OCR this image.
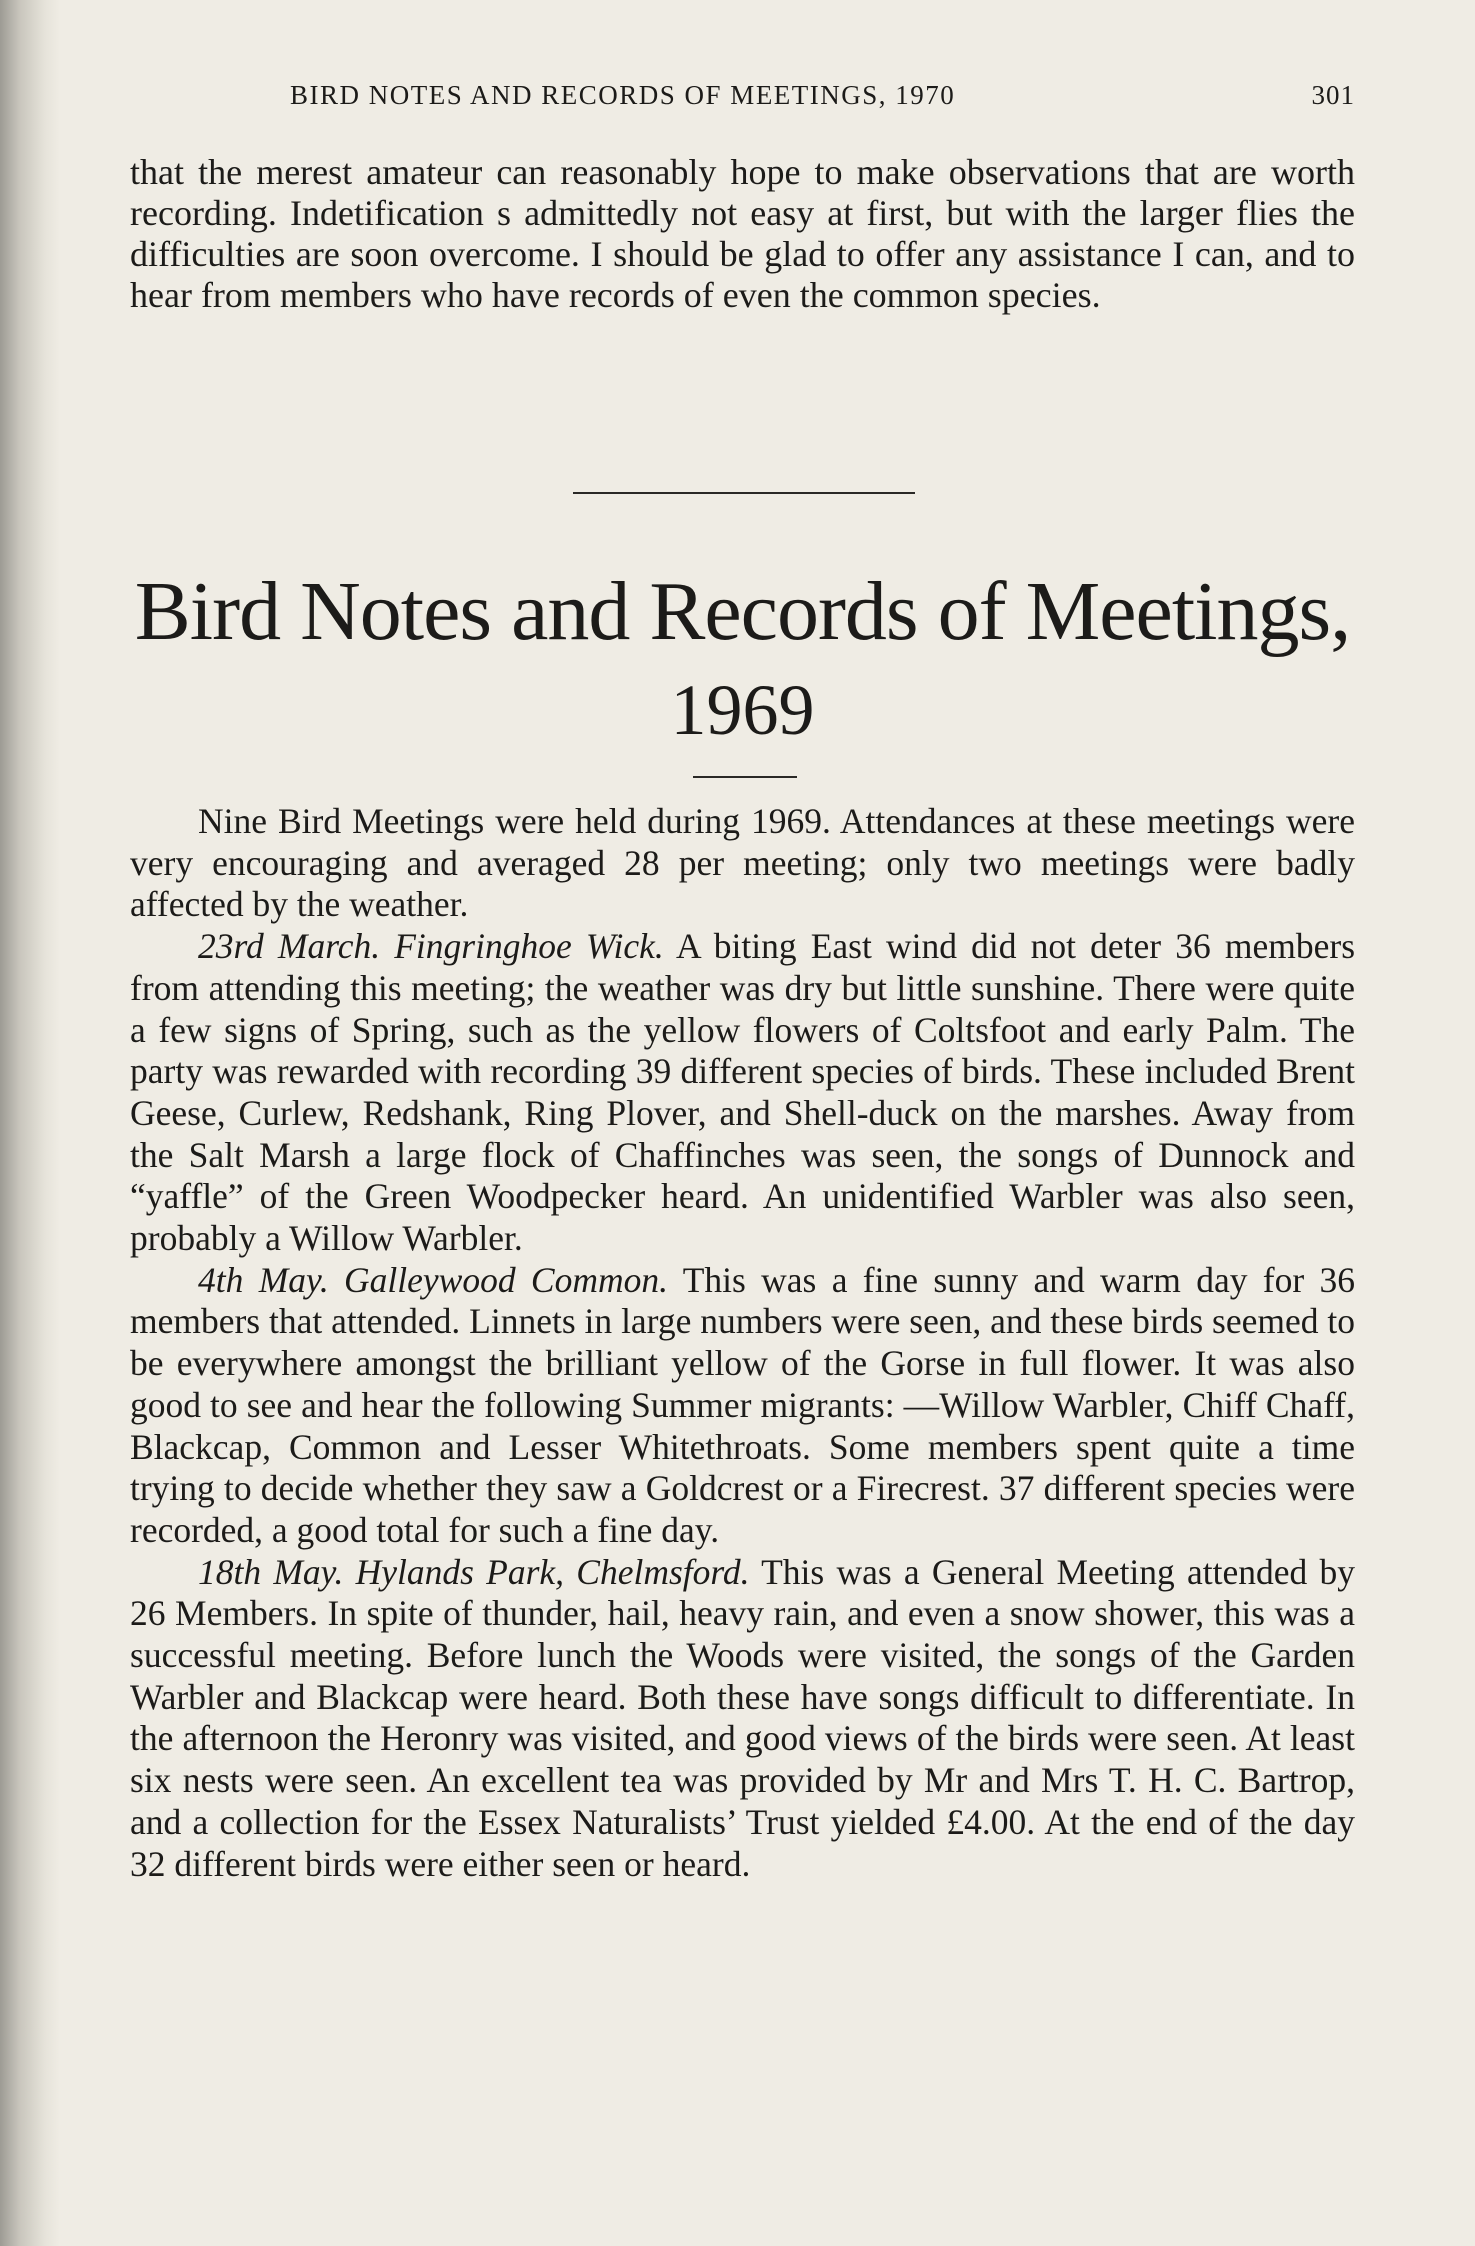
BIRD NOTES AND RECORDS OF MEETINGS, 1970	301

that the merest amateur can reasonably hope to make observations that are worth recording. Indetification s admittedly not easy at first, but with the larger flies the difficulties are soon overcome. I should be glad to offer any assistance I can, and to hear from members who have records of even the common species.

Bird Notes and Records of Meetings,
1969

Nine Bird Meetings were held during 1969. Attendances at these meetings were very encouraging and averaged 28 per meeting; only two meetings were badly affected by the weather.

23rd March. Fingringhoe Wick. A biting East wind did not deter 36 members from attending this meeting; the weather was dry but little sunshine. There were quite a few signs of Spring, such as the yellow flowers of Coltsfoot and early Palm. The party was rewarded with recording 39 different species of birds. These included Brent Geese, Curlew, Redshank, Ring Plover, and Shell-duck on the marshes. Away from the Salt Marsh a large flock of Chaffinches was seen, the songs of Dunnock and “yaffle” of the Green Woodpecker heard. An unidentified Warbler was also seen, probably a Willow Warbler.

4th May. Galleywood Common. This was a fine sunny and warm day for 36 members that attended. Linnets in large numbers were seen, and these birds seemed to be everywhere amongst the brilliant yellow of the Gorse in full flower. It was also good to see and hear the following Summer migrants: —Willow Warbler, Chiff Chaff, Blackcap, Common and Lesser Whitethroats. Some members spent quite a time trying to decide whether they saw a Goldcrest or a Firecrest. 37 different species were recorded, a good total for such a fine day.

18th May. Hylands Park, Chelmsford. This was a General Meeting attended by 26 Members. In spite of thunder, hail, heavy rain, and even a snow shower, this was a successful meeting. Before lunch the Woods were visited, the songs of the Garden Warbler and Blackcap were heard. Both these have songs difficult to differentiate. In the afternoon the Heronry was visited, and good views of the birds were seen. At least six nests were seen. An excellent tea was provided by Mr and Mrs T. H. C. Bartrop, and a collection for the Essex Naturalists’ Trust yielded £4.00. At the end of the day 32 different birds were either seen or heard.
